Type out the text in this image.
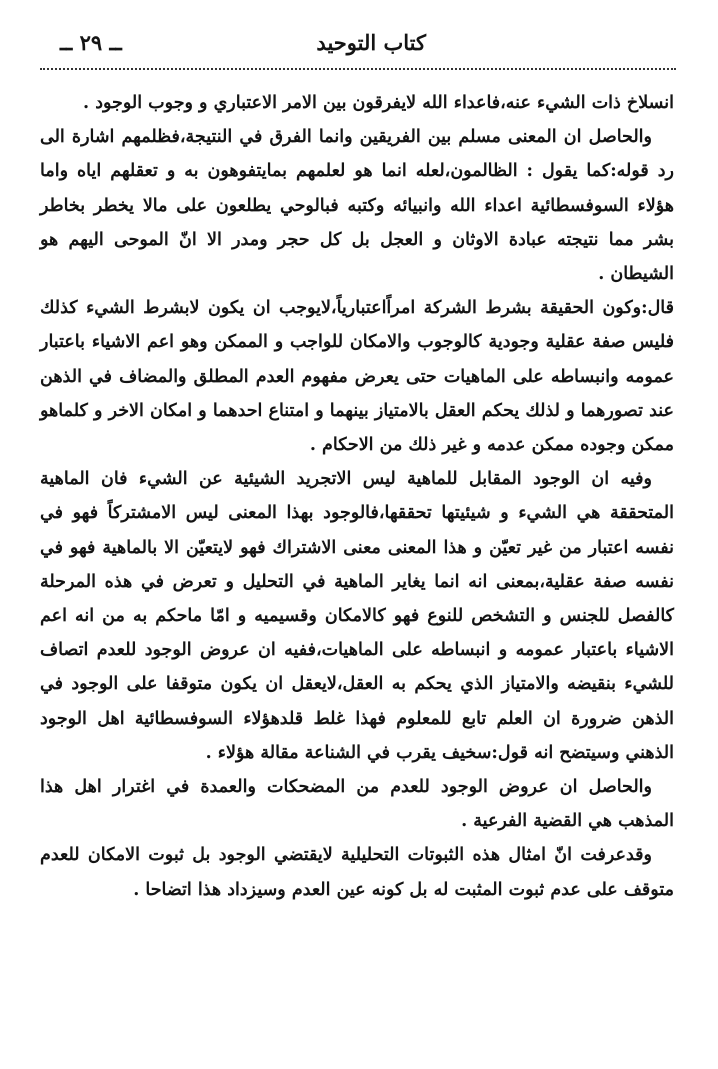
كتاب التوحيد
ــ ٢٩ ــ

انسلاخ ذات الشيء عنه،فاعداء الله لايفرقون بين الامر الاعتباري و وجوب الوجود .

والحاصل ان المعنى مسلم بين الفريقين وانما الفرق في النتيجة،فظلمهم اشارة الى رد قوله:كما يقول : الظالمون،لعله انما هو لعلمهم بمايتفوهون به و تعقلهم اياه واما هؤلاء السوفسطائية اعداء الله وانبيائه وكتبه فبالوحي يطلعون على مالا يخطر بخاطر بشر مما نتيجته عبادة الاوثان و العجل بل كل حجر ومدر الا انّ الموحى اليهم هو الشيطان .

قال:وكون الحقيقة بشرط الشركة امراًاعتبارياً،لايوجب ان يكون لابشرط الشيء كذلك فليس صفة عقلية وجودية كالوجوب والامكان للواجب و الممكن وهو اعم الاشياء باعتبار عمومه وانبساطه على الماهيات حتى يعرض مفهوم العدم المطلق والمضاف في الذهن عند تصورهما و لذلك يحكم العقل بالامتياز بينهما و امتناع احدهما و امكان الاخر و كلماهو ممكن وجوده ممكن عدمه و غير ذلك من الاحكام .

وفيه ان الوجود المقابل للماهية ليس الاتجريد الشيئية عن الشيء فان الماهية المتحققة هي الشيء و شيئيتها تحققها،فالوجود بهذا المعنى ليس الامشتركاً فهو في نفسه اعتبار من غير تعيّن و هذا المعنى معنى الاشتراك فهو لايتعيّن الا بالماهية فهو في نفسه صفة عقلية،بمعنى انه انما يغاير الماهية في التحليل و تعرض في هذه المرحلة كالفصل للجنس و التشخص للنوع فهو كالامكان وقسيميه و امّا ماحكم به من انه اعم الاشياء باعتبار عمومه و انبساطه على الماهيات،ففيه ان عروض الوجود للعدم اتصاف للشيء بنقيضه والامتياز الذي يحكم به العقل،لايعقل ان يكون متوقفا على الوجود في الذهن ضرورة ان العلم تابع للمعلوم فهذا غلط قلدهؤلاء السوفسطائية اهل الوجود الذهني وسيتضح انه قول:سخيف يقرب في الشناعة مقالة هؤلاء .

والحاصل ان عروض الوجود للعدم من المضحكات والعمدة في اغترار اهل هذا المذهب هي القضية الفرعية .

وقدعرفت انّ امثال هذه الثبوتات التحليلية لايقتضي الوجود بل ثبوت الامكان للعدم متوقف على عدم ثبوت المثبت له بل كونه عين العدم وسيزداد هذا اتضاحا .
